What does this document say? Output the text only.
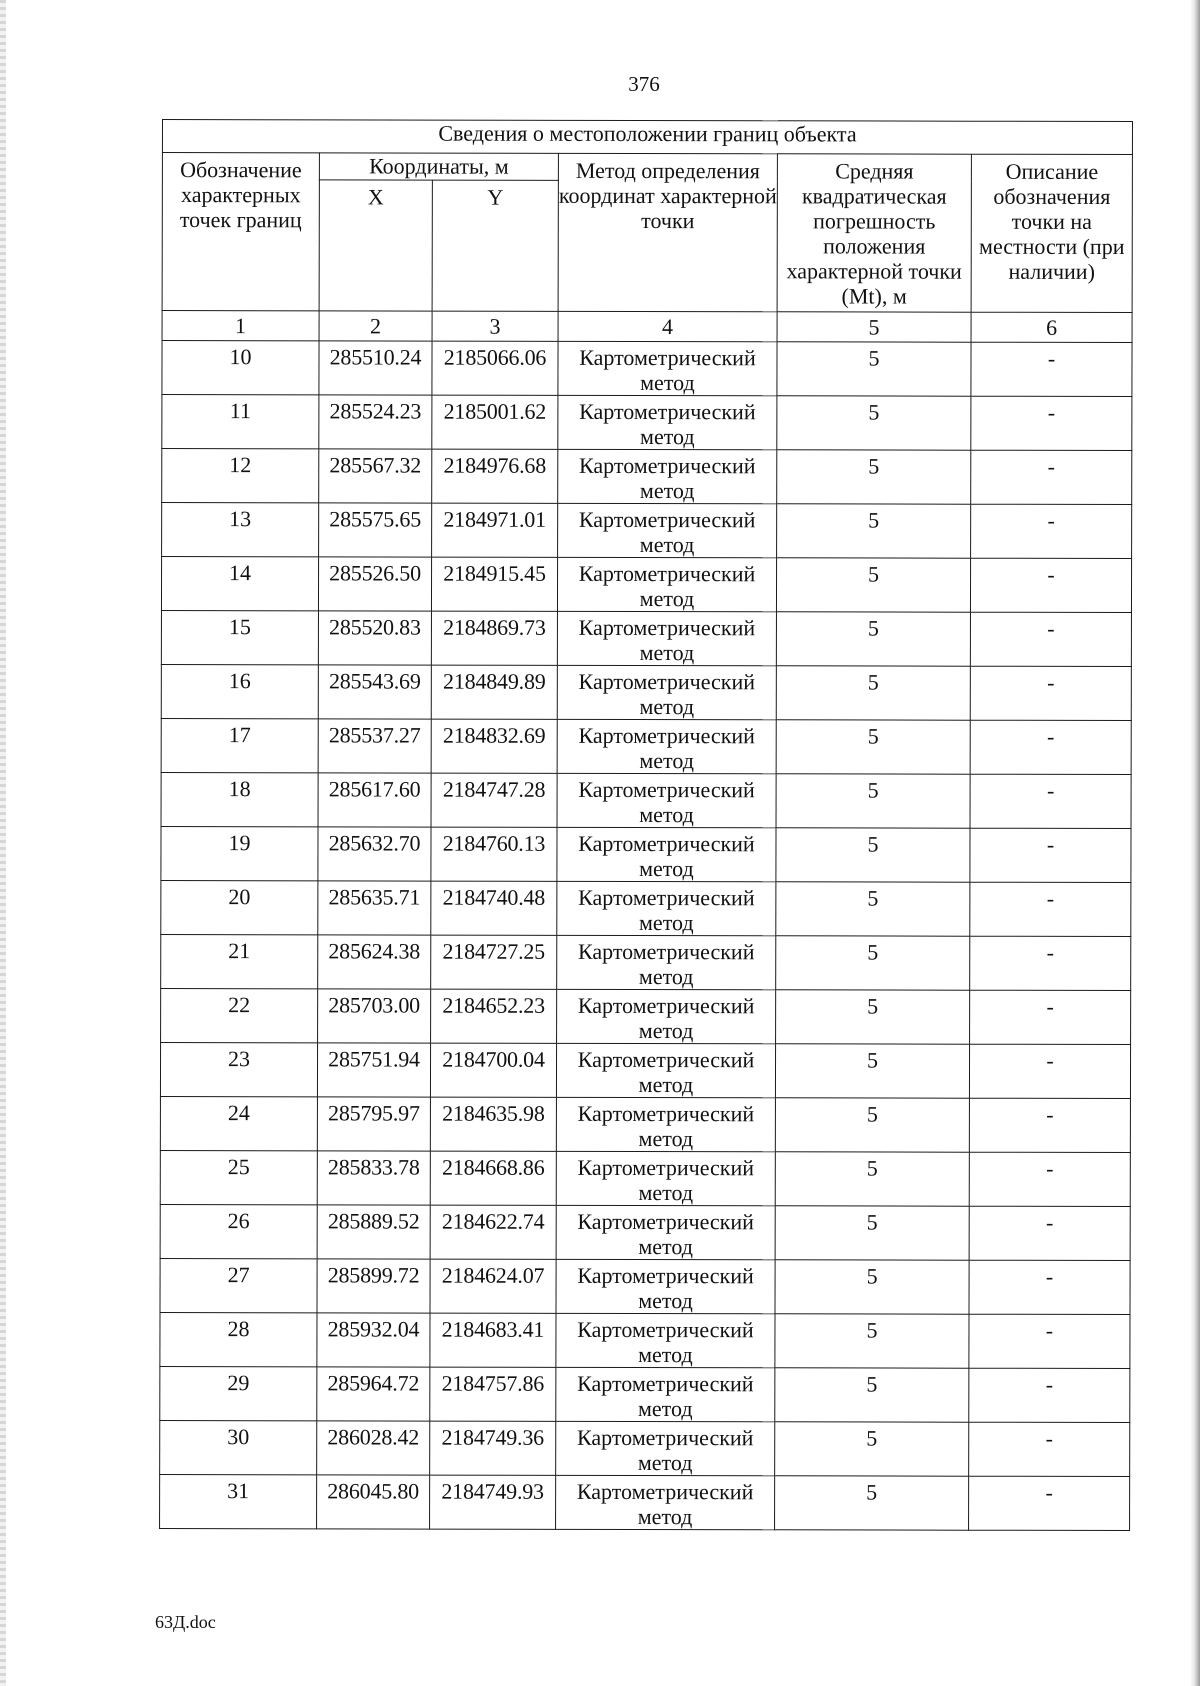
376
Сведения о местоположении границ объекта					
Обозначение характерных точек границ	Координаты, м		Метод определения координат характерной точки	Средняя квадратическая погрешность положения характерной точки (Mt), м	Описание обозначения точки на местности (при наличии)
	X	Y			
1	2	3	4	5	6
10	285510.24	2185066.06	Картометрический метод	5	-
11	285524.23	2185001.62	Картометрический метод	5	-
12	285567.32	2184976.68	Картометрический метод	5	-
13	285575.65	2184971.01	Картометрический метод	5	-
14	285526.50	2184915.45	Картометрический метод	5	-
15	285520.83	2184869.73	Картометрический метод	5	-
16	285543.69	2184849.89	Картометрический метод	5	-
17	285537.27	2184832.69	Картометрический метод	5	-
18	285617.60	2184747.28	Картометрический метод	5	-
19	285632.70	2184760.13	Картометрический метод	5	-
20	285635.71	2184740.48	Картометрический метод	5	-
21	285624.38	2184727.25	Картометрический метод	5	-
22	285703.00	2184652.23	Картометрический метод	5	-
23	285751.94	2184700.04	Картометрический метод	5	-
24	285795.97	2184635.98	Картометрический метод	5	-
25	285833.78	2184668.86	Картометрический метод	5	-
26	285889.52	2184622.74	Картометрический метод	5	-
27	285899.72	2184624.07	Картометрический метод	5	-
28	285932.04	2184683.41	Картометрический метод	5	-
29	285964.72	2184757.86	Картометрический метод	5	-
30	286028.42	2184749.36	Картометрический метод	5	-
31	286045.80	2184749.93	Картометрический метод	5	-
63Д.doc
